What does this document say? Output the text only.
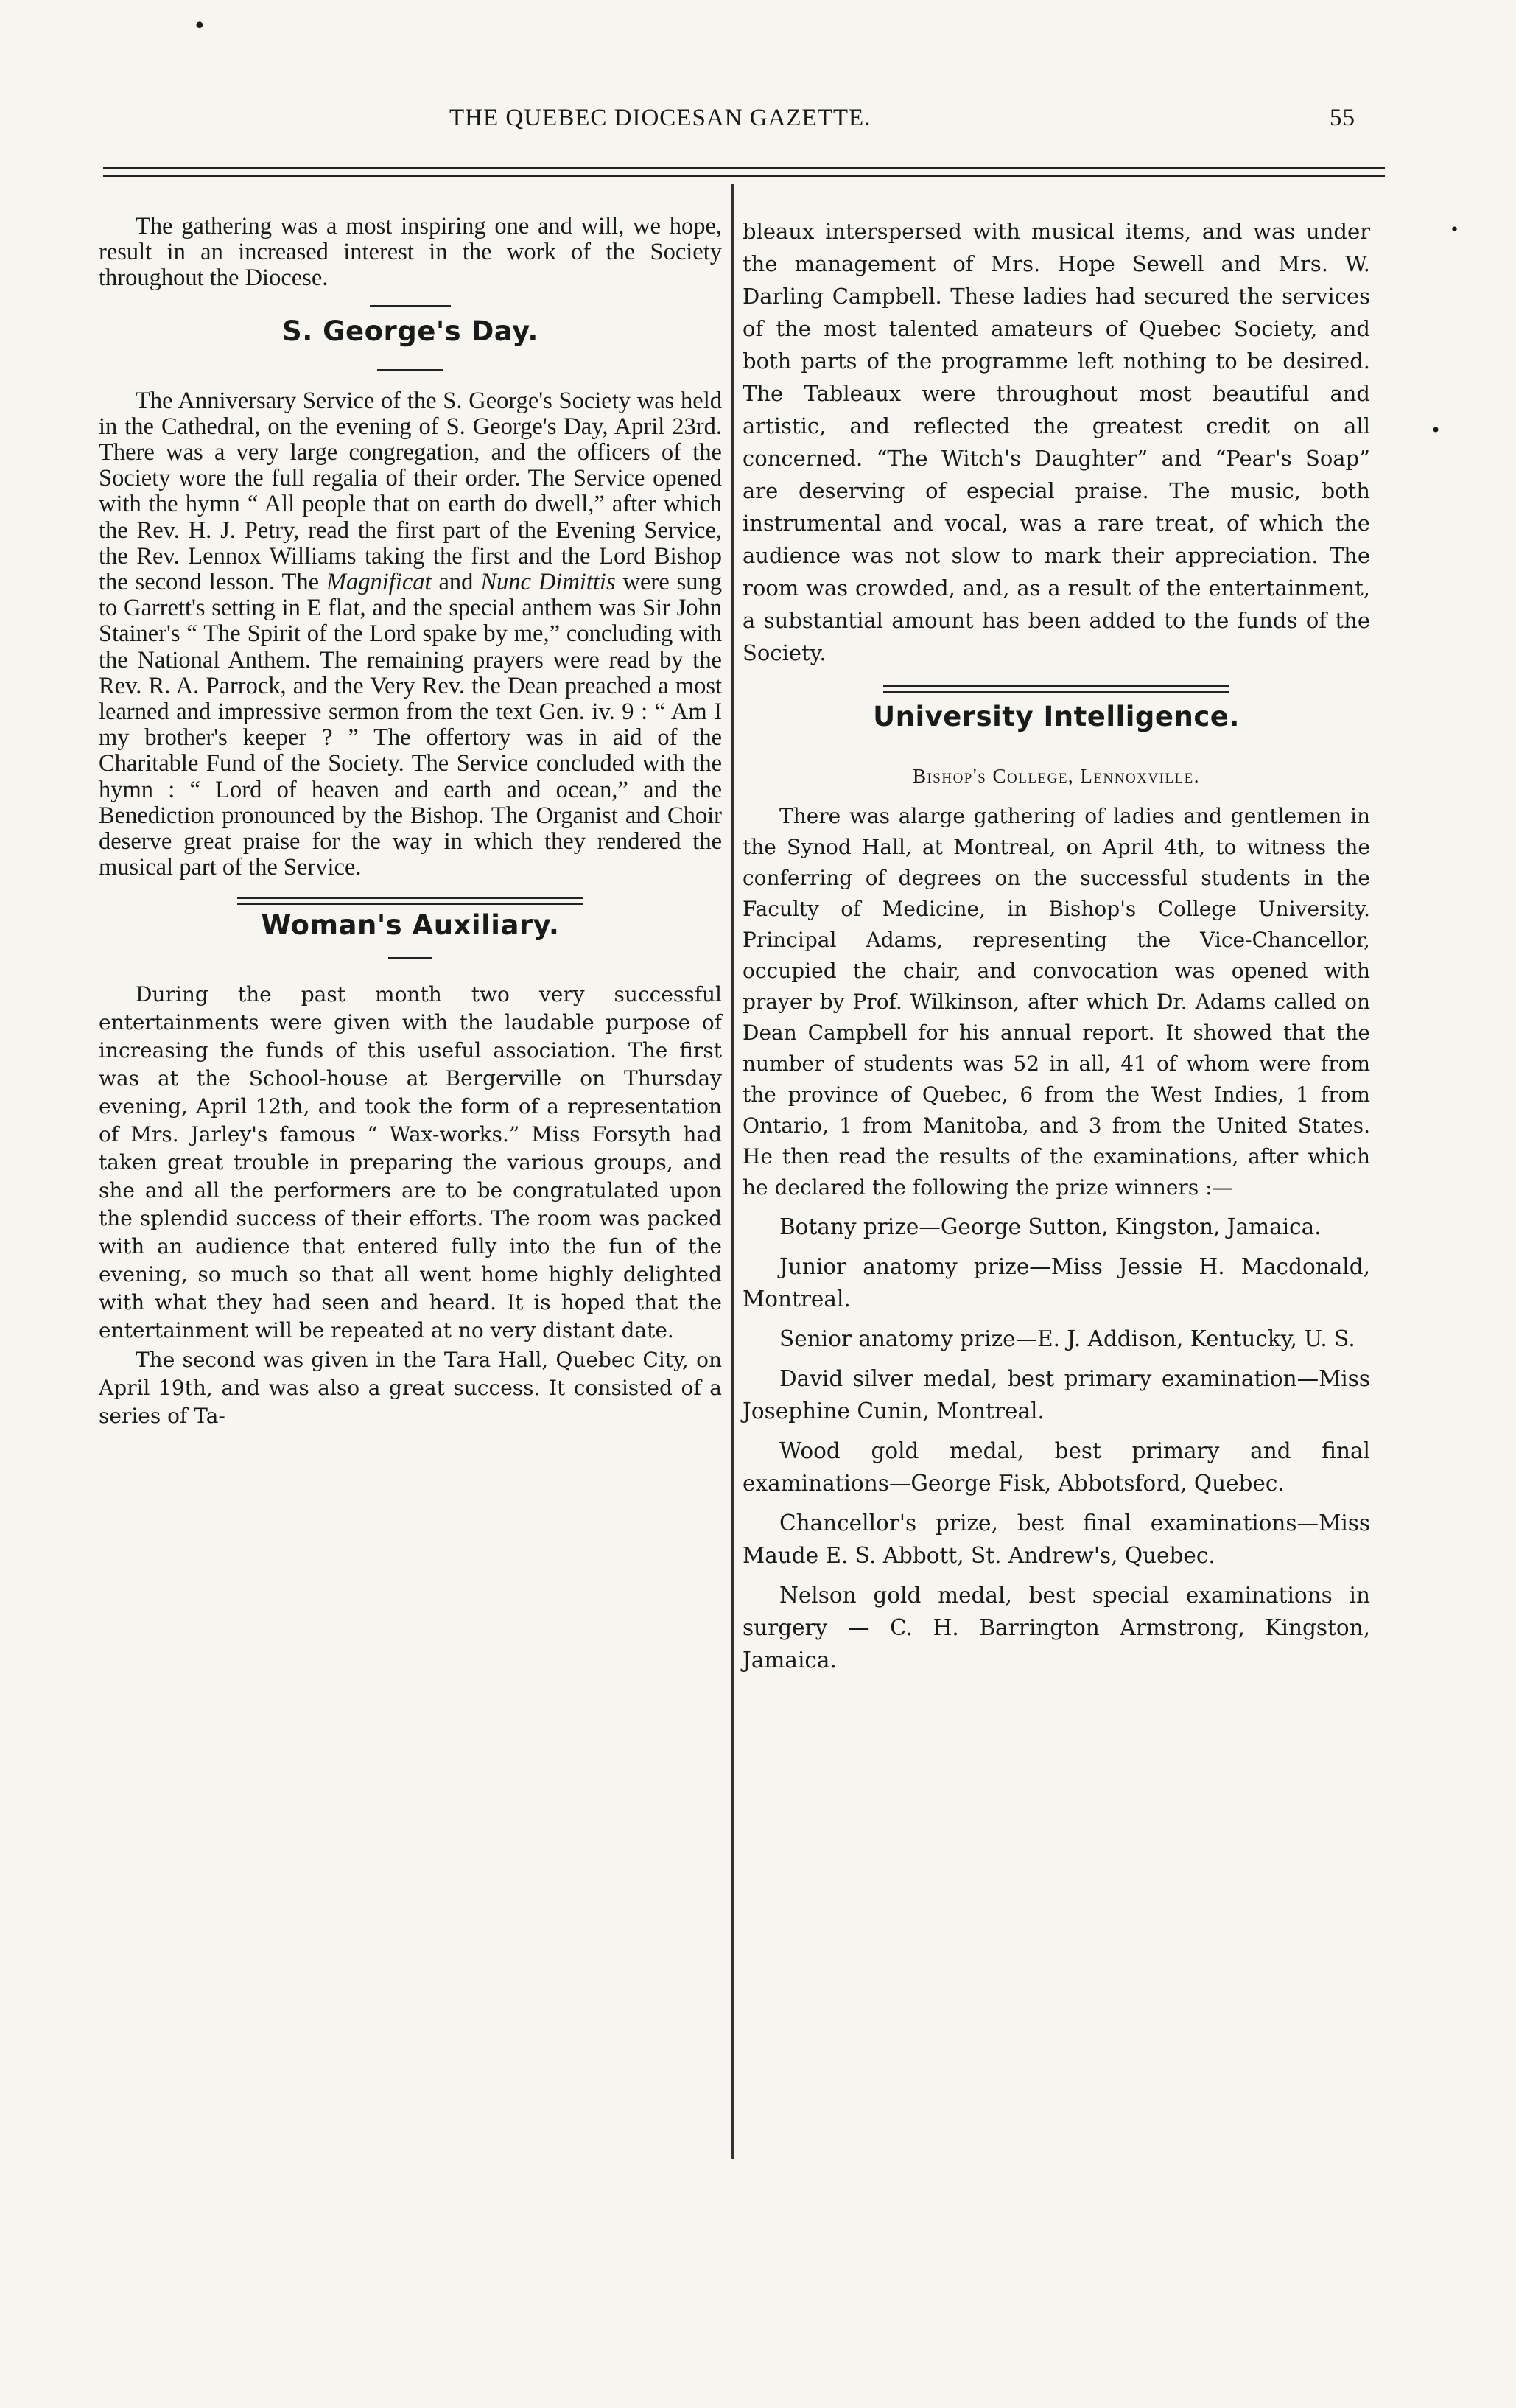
•
THE QUEBEC DIOCESAN GAZETTE.	55

The gathering was a most inspiring one and will, we hope, result in an increased interest in the work of the Society throughout the Diocese.

S. George's Day.

The Anniversary Service of the S. George's Society was held in the Cathedral, on the evening of S. George's Day, April 23rd. There was a very large congregation, and the officers of the Society wore the full regalia of their order. The Service opened with the hymn “ All people that on earth do dwell,” after which the Rev. H. J. Petry, read the first part of the Evening Service, the Rev. Lennox Williams taking the first and the Lord Bishop the second lesson. The Magnificat and Nunc Dimittis were sung to Garrett's setting in E flat, and the special anthem was Sir John Stainer's “ The Spirit of the Lord spake by me,” concluding with the National Anthem. The remaining prayers were read by the Rev. R. A. Parrock, and the Very Rev. the Dean preached a most learned and impressive sermon from the text Gen. iv. 9 : “ Am I my brother's keeper ? ” The offertory was in aid of the Charitable Fund of the Society. The Service concluded with the hymn : “ Lord of heaven and earth and ocean,” and the Benediction pronounced by the Bishop. The Organist and Choir deserve great praise for the way in which they rendered the musical part of the Service.

Woman's Auxiliary.

During the past month two very successful entertainments were given with the laudable purpose of increasing the funds of this useful association. The first was at the School-house at Bergerville on Thursday evening, April 12th, and took the form of a representation of Mrs. Jarley's famous “ Wax-works.” Miss Forsyth had taken great trouble in preparing the various groups, and she and all the performers are to be congratulated upon the splendid success of their efforts. The room was packed with an audience that entered fully into the fun of the evening, so much so that all went home highly delighted with what they had seen and heard. It is hoped that the entertainment will be repeated at no very distant date.

The second was given in the Tara Hall, Quebec City, on April 19th, and was also a great success. It consisted of a series of Ta-

bleaux interspersed with musical items, and was under the management of Mrs. Hope Sewell and Mrs. W. Darling Campbell. These ladies had secured the services of the most talented amateurs of Quebec Society, and both parts of the programme left nothing to be desired. The Tableaux were throughout most beautiful and artistic, and reflected the greatest credit on all concerned. “The Witch's Daughter” and “Pear's Soap” are deserving of especial praise. The music, both instrumental and vocal, was a rare treat, of which the audience was not slow to mark their appreciation. The room was crowded, and, as a result of the entertainment, a substantial amount has been added to the funds of the Society.

University Intelligence.
Bishop's College, Lennoxville.

There was alarge gathering of ladies and gentlemen in the Synod Hall, at Montreal, on April 4th, to witness the conferring of degrees on the successful students in the Faculty of Medicine, in Bishop's College University. Principal Adams, representing the Vice-Chancellor, occupied the chair, and convocation was opened with prayer by Prof. Wilkinson, after which Dr. Adams called on Dean Campbell for his annual report. It showed that the number of students was 52 in all, 41 of whom were from the province of Quebec, 6 from the West Indies, 1 from Ontario, 1 from Manitoba, and 3 from the United States. He then read the results of the examinations, after which he declared the following the prize winners :—

Botany prize—George Sutton, Kingston, Jamaica.

Junior anatomy prize—Miss Jessie H. Macdonald, Montreal.

Senior anatomy prize—E. J. Addison, Kentucky, U. S.

David silver medal, best primary examination—Miss Josephine Cunin, Montreal.

Wood gold medal, best primary and final examinations—George Fisk, Abbotsford, Quebec.

Chancellor's prize, best final examinations—Miss Maude E. S. Abbott, St. Andrew's, Quebec.

Nelson gold medal, best special examinations in surgery — C. H. Barrington Armstrong, Kingston, Jamaica.

•
•
